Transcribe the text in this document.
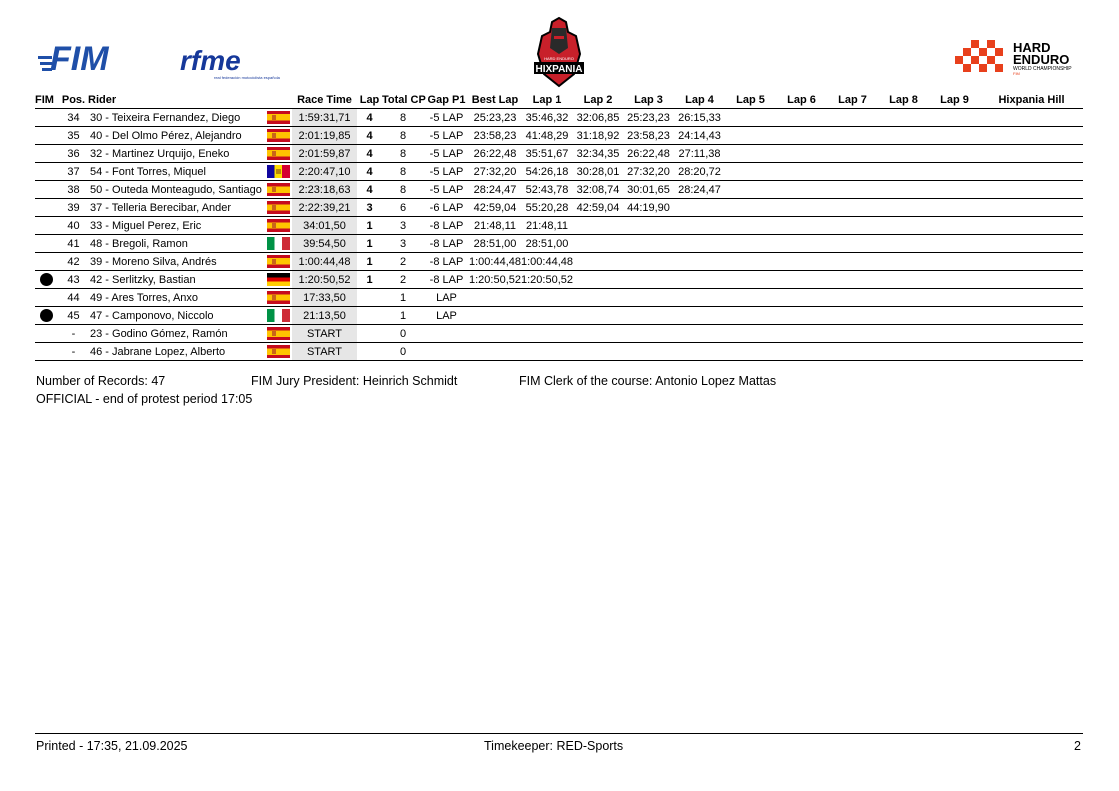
FIM	rfme
real federación motociclista española
HARD ENDURO
HIXPANIA
HARD
ENDURO
WORLD CHAMPIONSHIP
FIM
FIM	Pos.	Rider		Race Time	Lap	Total CP	Gap P1	Best Lap	Lap 1	Lap 2	Lap 3	Lap 4	Lap 5	Lap 6	Lap 7	Lap 8	Lap 9	Hixpania Hill
	34	30 - Teixeira Fernandez, Diego		1:59:31,71	4	8	-5 LAP	25:23,23	35:46,32	32:06,85	25:23,23	26:15,33						
	35	40 - Del Olmo Pérez, Alejandro		2:01:19,85	4	8	-5 LAP	23:58,23	41:48,29	31:18,92	23:58,23	24:14,43						
	36	32 - Martinez Urquijo, Eneko		2:01:59,87	4	8	-5 LAP	26:22,48	35:51,67	32:34,35	26:22,48	27:11,38						
	37	54 - Font Torres, Miquel		2:20:47,10	4	8	-5 LAP	27:32,20	54:26,18	30:28,01	27:32,20	28:20,72						
	38	50 - Outeda Monteagudo, Santiago		2:23:18,63	4	8	-5 LAP	28:24,47	52:43,78	32:08,74	30:01,65	28:24,47						
	39	37 - Telleria Berecibar, Ander		2:22:39,21	3	6	-6 LAP	42:59,04	55:20,28	42:59,04	44:19,90							
	40	33 - Miguel Perez, Eric		34:01,50	1	3	-8 LAP	21:48,11	21:48,11									
	41	48 - Bregoli, Ramon		39:54,50	1	3	-8 LAP	28:51,00	28:51,00									
	42	39 - Moreno Silva, Andrés		1:00:44,48	1	2	-8 LAP	1:00:44,48	1:00:44,48									
	43	42 - Serlitzky, Bastian		1:20:50,52	1	2	-8 LAP	1:20:50,52	1:20:50,52									
	44	49 - Ares Torres, Anxo		17:33,50		1	LAP											
	45	47 - Camponovo, Niccolo		21:13,50		1	LAP											
	-	23 - Godino Gómez, Ramón		START		0												
	-	46 - Jabrane Lopez, Alberto		START		0												
Number of Records: 47	FIM Jury President: Heinrich Schmidt	FIM Clerk of the course: Antonio Lopez Mattas
OFFICIAL - end of protest period 17:05
Printed - 17:35, 21.09.2025	Timekeeper: RED-Sports	2
